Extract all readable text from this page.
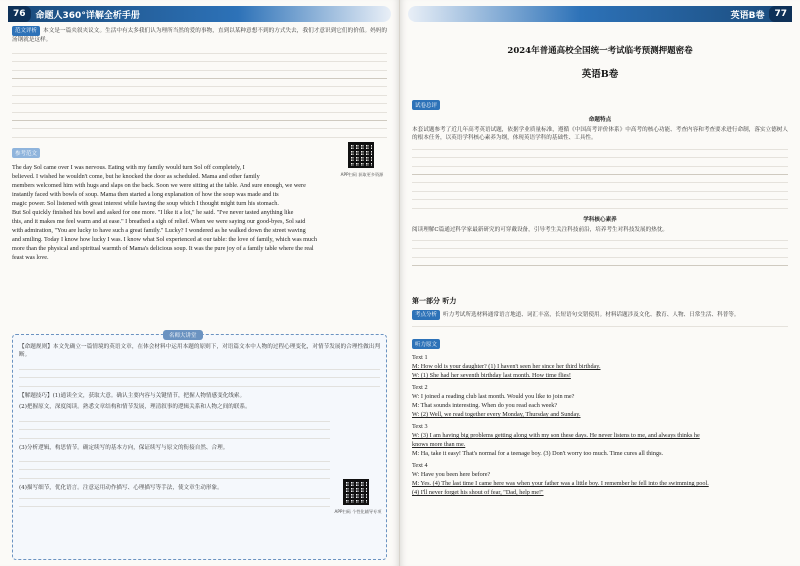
76	命题人360°详解全析手册
范文评析 本文是一篇夹叙夹议文。生活中有太多我们认为理所当然的爱的事物，直到以某种意想不到的方式失去，我们才意识到它们的价值。妈妈的汤钢就是这样。
参考范文
The day Sol came over I was nervous. Eating with my family would turn Sol off completely, I
believed. I wished he wouldn't come, but he knocked the door as scheduled. Mama and other family
members welcomed him with hugs and slaps on the back. Soon we were sitting at the table. And sure enough, we were
instantly faced with bowls of soup. Mama then started a long explanation of how the soup was made and its
magic power. Sol listened with great interest while having the soup which I thought might turn his stomach.
But Sol quickly finished his bowl and asked for one more. "I like it a lot," he said. "I've never tasted anything like
this, and it makes me feel warm and at ease." I breathed a sigh of relief. When we were saying our good-byes, Sol said
with admiration, "You are lucky to have such a great family." Lucky? I wondered as he walked down the street waving
and smiling. Today I know how lucky I was. I know what Sol experienced at our table: the love of family, which was much
more than the physical and spiritual warmth of Mama's delicious soup. It was the pure joy of a family table where the real
feast was love.
APP扫码 获取更多资源
名师大讲堂
【命题规则】本文先确立一篇情境的英语文章，在体会材料中运用本题的原则下，对语篇文本中人物的过程心理变化，对情节发展的合理性做出判断。
【解题技巧】(1)通读全文，获取大意。确认主要内容与关键情节，把握人物情感变化线索。
(2)把握原文，深度阅读。熟悉文章结构和情节发展，理清叙事的逻辑关系和人物之间的联系。
(3)分析逻辑，构思情节。确定续写的基本方向，保证续写与原文的衔接自然、合理。
(4)描写细节，优化语言。注意运用动作描写、心理描写等手法，使文章生动形象。
APP扫码 个性化辅导专项
英语B卷	77
2024年普通高校全国统一考试临考预测押题密卷
英语B卷
试卷总评
命题特点
本套试题参考了近几年高考英语试题，依据学业质量标准，遵循《中国高考评价体系》中高考的核心功能、考查内容和考查要求进行命制，落实立德树人的根本任务，以英语学科核心素养为纲，体现英语学科的基础性、工具性。
学科核心素养
阅读理解C篇通过科学家最新研究的可穿戴设备，引导考生关注科技前沿，培养考生对科技发展的热忱。
第一部分 听力
考点分析 听力考试所选材料通常语言地道、词汇丰富，长短语句交错使用。材料话题涉及文化、教育、人物、日常生活、科普等。
听力原文
Text 1
M: How old is your daughter? (1) I haven't seen her since her third birthday.
W: (1) She had her seventh birthday last month. How time flies!
Text 2
W: I joined a reading club last month. Would you like to join me?
M: That sounds interesting. When do you read each week?
W: (2) Well, we read together every Monday, Thursday and Sunday.
Text 3
W: (3) I am having big problems getting along with my son these days. He never listens to me, and always thinks he
knows more than me.
M: Ha, take it easy! That's normal for a teenage boy. (3) Don't worry too much. Time cures all things.
Text 4
W: Have you been here before?
M: Yes. (4) The last time I came here was when your father was a little boy. I remember he fell into the swimming pool.
(4) I'll never forget his shout of fear, "Dad, help me!"
